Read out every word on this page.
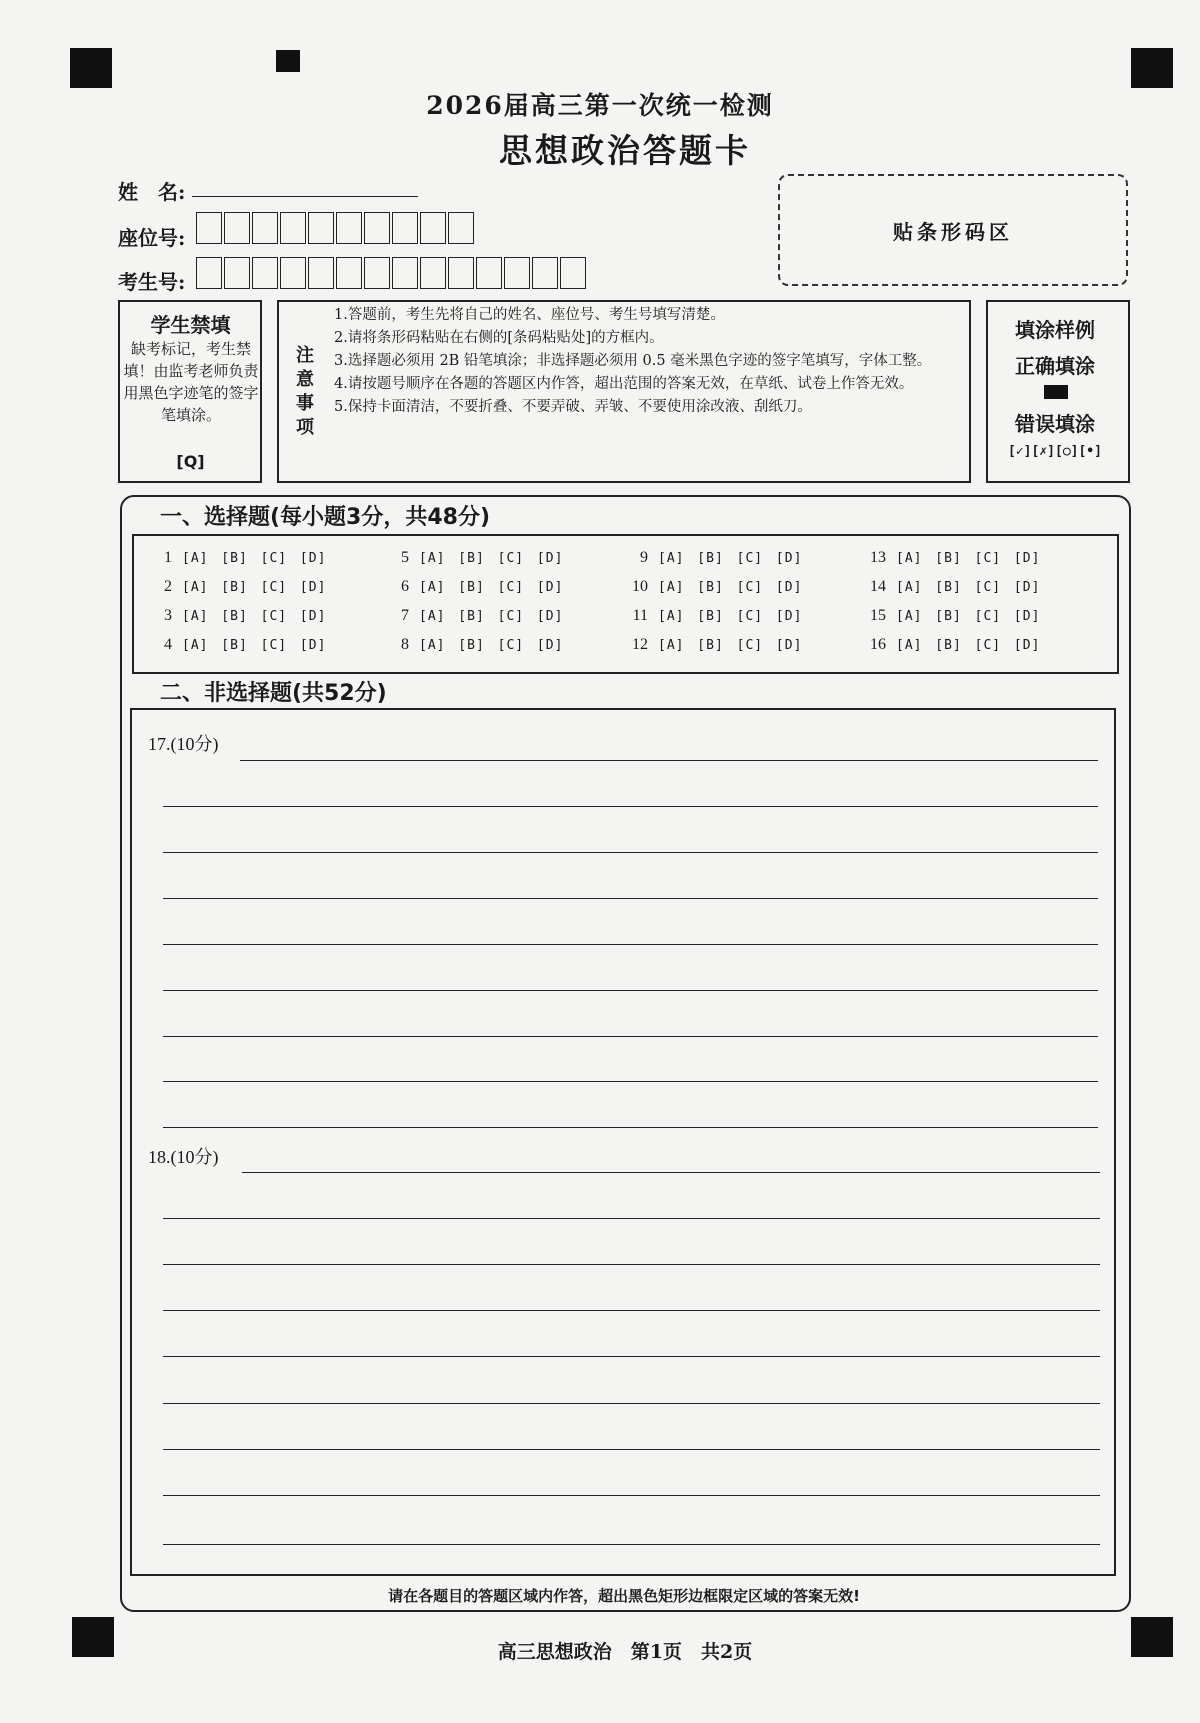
2026届高三第一次统一检测
思想政治答题卡
姓　名:
座位号:
考生号:
贴条形码区
学生禁填
缺考标记，考生禁填！由监考老师负责用黑色字迹笔的签字笔填涂。
[Q]
注意事项
1.答题前，考生先将自己的姓名、座位号、考生号填写清楚。
2.请将条形码粘贴在右侧的[条码粘贴处]的方框内。
3.选择题必须用 2B 铅笔填涂；非选择题必须用 0.5 毫米黑色字迹的签字笔填写，字体工整。
4.请按题号顺序在各题的答题区内作答，超出范围的答案无效，在草纸、试卷上作答无效。
5.保持卡面清洁，不要折叠、不要弄破、弄皱、不要使用涂改液、刮纸刀。
填涂样例
正确填涂
错误填涂
[✓][✗][○][•]
一、选择题(每小题3分，共48分)
1 [A] [B] [C] [D]
2 [A] [B] [C] [D]
3 [A] [B] [C] [D]
4 [A] [B] [C] [D]
5 [A] [B] [C] [D]
6 [A] [B] [C] [D]
7 [A] [B] [C] [D]
8 [A] [B] [C] [D]
9 [A] [B] [C] [D]
10 [A] [B] [C] [D]
11 [A] [B] [C] [D]
12 [A] [B] [C] [D]
13 [A] [B] [C] [D]
14 [A] [B] [C] [D]
15 [A] [B] [C] [D]
16 [A] [B] [C] [D]
二、非选择题(共52分)
17.(10分)
18.(10分)
请在各题目的答题区域内作答，超出黑色矩形边框限定区域的答案无效!
高三思想政治　第1页　共2页
